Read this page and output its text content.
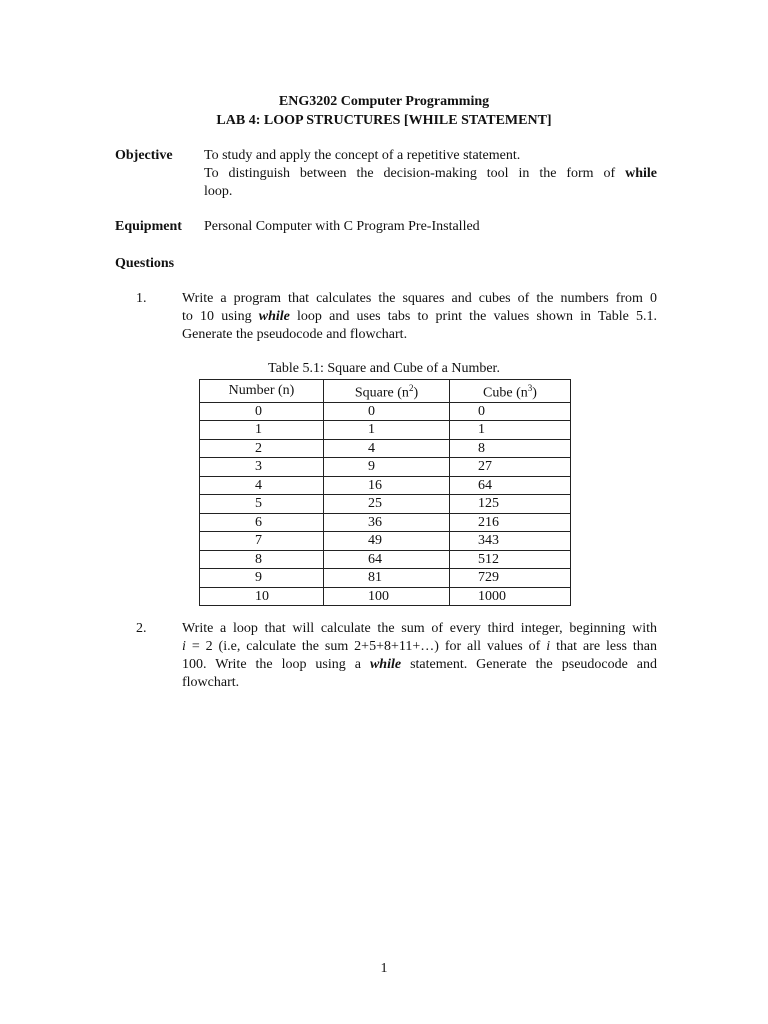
ENG3202 Computer Programming
LAB 4: LOOP STRUCTURES [WHILE STATEMENT]
Objective To study and apply the concept of a repetitive statement.
To distinguish between the decision-making tool in the form of while
loop.
Equipment Personal Computer with C Program Pre-Installed
Questions
1.	Write a program that calculates the squares and cubes of the numbers from 0
to 10 using while loop and uses tabs to print the values shown in Table 5.1.
Generate the pseudocode and flowchart.
Table 5.1: Square and Cube of a Number.
Number (n)	Square $(n^2)$	Cube $(n^3)$
0	0	0
1	1	1
2	4	8
3	9	27
4	16	64
5	25	125
6	36	216
7	49	343
8	64	512
9	81	729
10	100	1000
2.	Write a loop that will calculate the sum of every third integer, beginning with
i = 2 (i.e, calculate the sum 2+5+8+11+…) for all values of i that are less than
100. Write the loop using a while statement. Generate the pseudocode and
flowchart.
1
